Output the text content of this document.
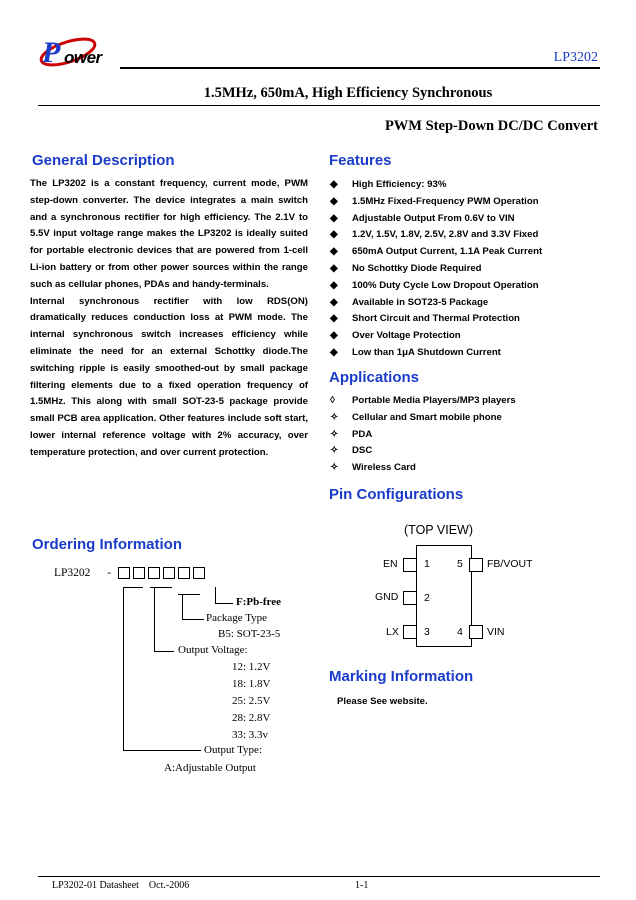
P ower	LP3202
1.5MHz, 650mA, High Efficiency Synchronous
PWM Step-Down DC/DC Convert
General Description

The LP3202 is a constant frequency, current mode, PWM step-down converter. The device integrates a main switch and a synchronous rectifier for high efficiency. The 2.1V to 5.5V input voltage range makes the LP3202 is ideally suited for portable electronic devices that are powered from 1-cell Li-ion battery or from other power sources within the range such as cellular phones, PDAs and handy-terminals.

Internal synchronous rectifier with low RDS(ON) dramatically reduces conduction loss at PWM mode. The internal synchronous switch increases efficiency while eliminate the need for an external Schottky diode.The switching ripple is easily smoothed-out by small package filtering elements due to a fixed operation frequency of 1.5MHz. This along with small SOT-23-5 package provide small PCB area application. Other features include soft start, lower internal reference voltage with 2% accuracy, over temperature protection, and over current protection.

Features
◆ High Efficiency: 93%
◆ 1.5MHz Fixed-Frequency PWM Operation
◆ Adjustable Output From 0.6V to VIN
◆ 1.2V, 1.5V, 1.8V, 2.5V, 2.8V and 3.3V Fixed
◆ 650mA Output Current, 1.1A Peak Current
◆ No Schottky Diode Required
◆ 100% Duty Cycle Low Dropout Operation
◆ Available in SOT23-5 Package
◆ Short Circuit and Thermal Protection
◆ Over Voltage Protection
◆ Low than 1μA Shutdown Current
Applications
◊ Portable Media Players/MP3 players
✧ Cellular and Smart mobile phone
✧ PDA
✧ DSC
✧ Wireless Card
Pin Configurations
(TOP VIEW)
EN
GND
LX	VIN
FB/VOUT
1
2
3	4
5
Marking Information
Please See website.
Ordering Information
LP3202 -
F:Pb-free
Package Type
B5: SOT-23-5
Output Voltage:
12: 1.2V
18: 1.8V
25: 2.5V
28: 2.8V
33: 3.3v
Output Type:
A:Adjustable Output
LP3202-01 Datasheet    Oct.-2006	1-1
